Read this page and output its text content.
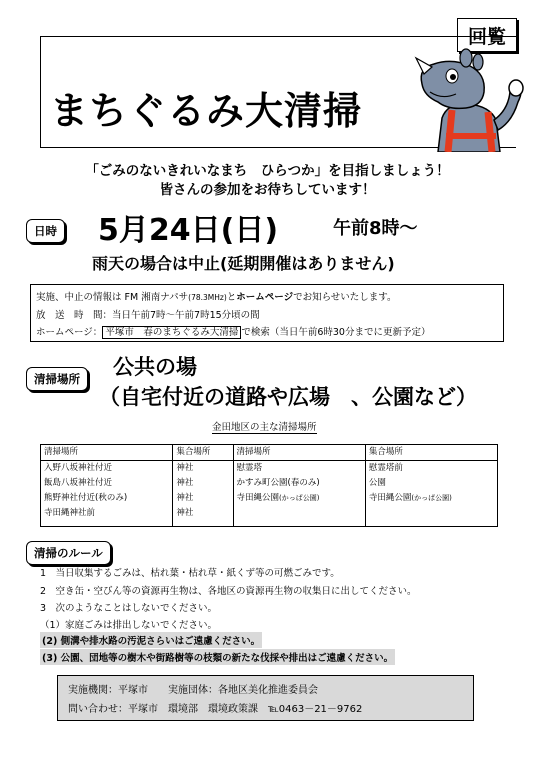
回覧
まちぐるみ大清掃
「ごみのないきれいなまち　ひらつか」を目指しましょう！
皆さんの参加をお待ちしています！
日時 5月24日(日)	午前8時～
雨天の場合は中止(延期開催はありません)
実施、中止の情報は FM 湘南ナパサ(78.3MHz)とホームページでお知らせいたします。
放　送　時　間：当日午前7時～午前7時15分頃の間
ホームページ： 平塚市　春のまちぐるみ大清掃 で検索（当日午前6時30分までに更新予定）
清掃場所	公共の場
（自宅付近の道路や広場　、公園など）
金田地区の主な清掃場所
清掃場所	集合場所	清掃場所	集合場所
入野八坂神社付近	神社	慰霊塔	慰霊塔前
飯島八坂神社付近	神社	かすみ町公園(春のみ)	公園
熊野神社付近(秋のみ)	神社	寺田縄公園(かっぱ公園)	寺田縄公園(かっぱ公園)
寺田縄神社前	神社		
清掃のルール
1　当日収集するごみは、枯れ葉・枯れ草・紙くず等の可燃ごみです。
2　空き缶・空びん等の資源再生物は、各地区の資源再生物の収集日に出してください。
3　次のようなことはしないでください。
（1）家庭ごみは排出しないでください。
(2) 側溝や排水路の汚泥さらいはご遠慮ください。
(3) 公園、団地等の樹木や街路樹等の枝類の新たな伐採や排出はご遠慮ください。
実施機関：平塚市　　実施団体：各地区美化推進委員会
問い合わせ：平塚市　環境部　環境政策課　℡0463－21－9762
